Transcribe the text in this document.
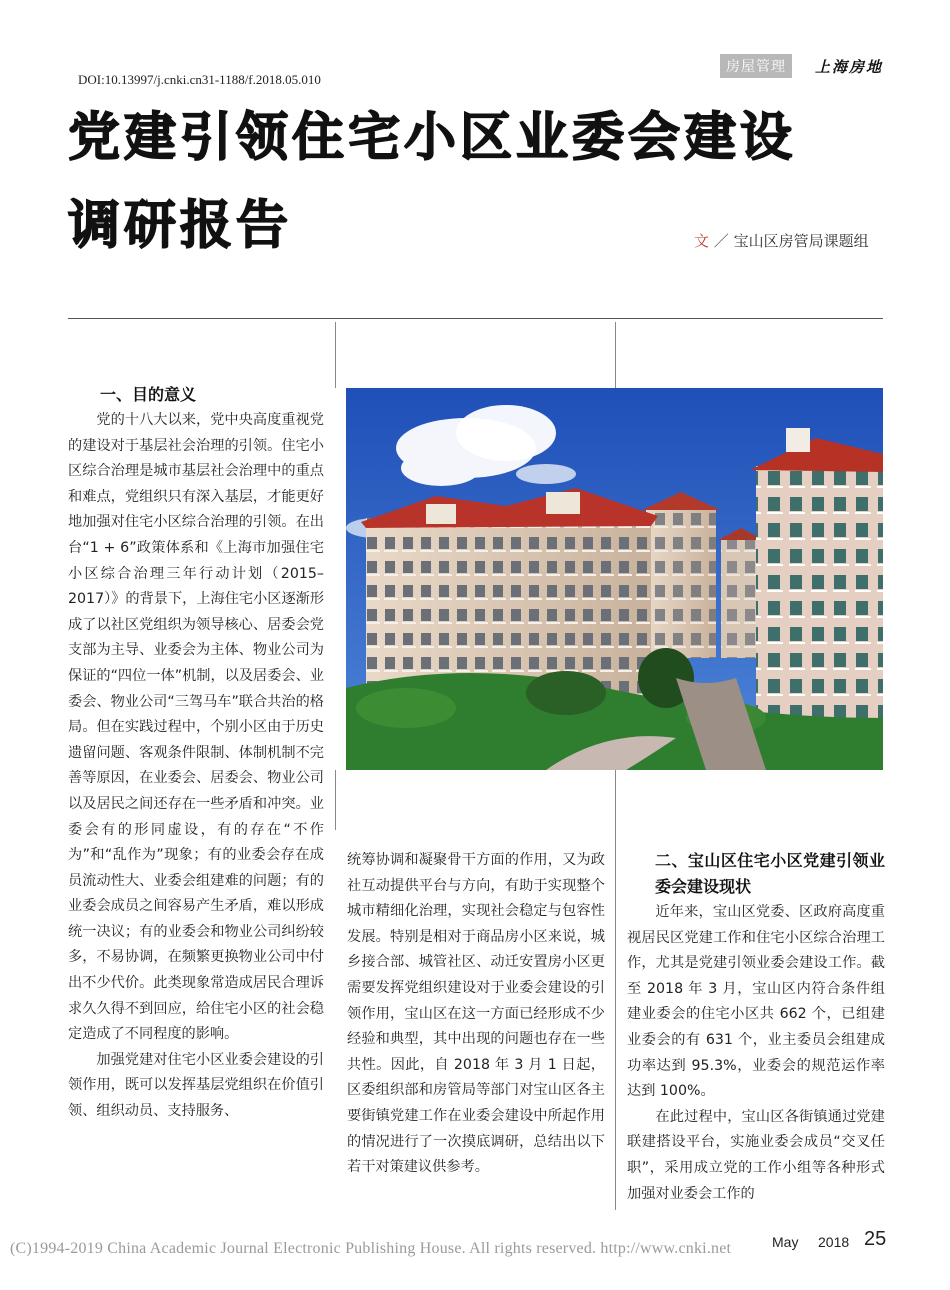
DOI:10.13997/j.cnki.cn31-1188/f.2018.05.010
房屋管理	上海房地
党建引领住宅小区业委会建设
调研报告	文 ／ 宝山区房管局课题组
一、目的意义

党的十八大以来，党中央高度重视党的建设对于基层社会治理的引领。住宅小区综合治理是城市基层社会治理中的重点和难点，党组织只有深入基层，才能更好地加强对住宅小区综合治理的引领。在出台“1 + 6”政策体系和《上海市加强住宅小区综合治理三年行动计划（2015–2017）》的背景下，上海住宅小区逐渐形成了以社区党组织为领导核心、居委会党支部为主导、业委会为主体、物业公司为保证的“四位一体”机制，以及居委会、业委会、物业公司“三驾马车”联合共治的格局。但在实践过程中，个别小区由于历史遗留问题、客观条件限制、体制机制不完善等原因，在业委会、居委会、物业公司以及居民之间还存在一些矛盾和冲突。业委会有的形同虚设，有的存在“不作为”和“乱作为”现象；有的业委会存在成员流动性大、业委会组建难的问题；有的业委会成员之间容易产生矛盾，难以形成统一决议；有的业委会和物业公司纠纷较多，不易协调，在频繁更换物业公司中付出不少代价。此类现象常造成居民合理诉求久久得不到回应，给住宅小区的社会稳定造成了不同程度的影响。

加强党建对住宅小区业委会建设的引领作用，既可以发挥基层党组织在价值引领、组织动员、支持服务、

统筹协调和凝聚骨干方面的作用，又为政社互动提供平台与方向，有助于实现整个城市精细化治理，实现社会稳定与包容性发展。特别是相对于商品房小区来说，城乡接合部、城管社区、动迁安置房小区更需要发挥党组织建设对于业委会建设的引领作用，宝山区在这一方面已经形成不少经验和典型，其中出现的问题也存在一些共性。因此，自 2018 年 3 月 1 日起，区委组织部和房管局等部门对宝山区各主要街镇党建工作在业委会建设中所起作用的情况进行了一次摸底调研，总结出以下若干对策建议供参考。

二、宝山区住宅小区党建引领业委会建设现状

近年来，宝山区党委、区政府高度重视居民区党建工作和住宅小区综合治理工作，尤其是党建引领业委会建设工作。截至 2018 年 3 月，宝山区内符合条件组建业委会的住宅小区共 662 个，已组建业委会的有 631 个，业主委员会组建成功率达到 95.3%，业委会的规范运作率达到 100%。

在此过程中，宝山区各街镇通过党建联建搭设平台，实施业委会成员“交叉任职”，采用成立党的工作小组等各种形式加强对业委会工作的

(C)1994-2019 China Academic Journal Electronic Publishing House. All rights reserved. http://www.cnki.net	May 2018 25
